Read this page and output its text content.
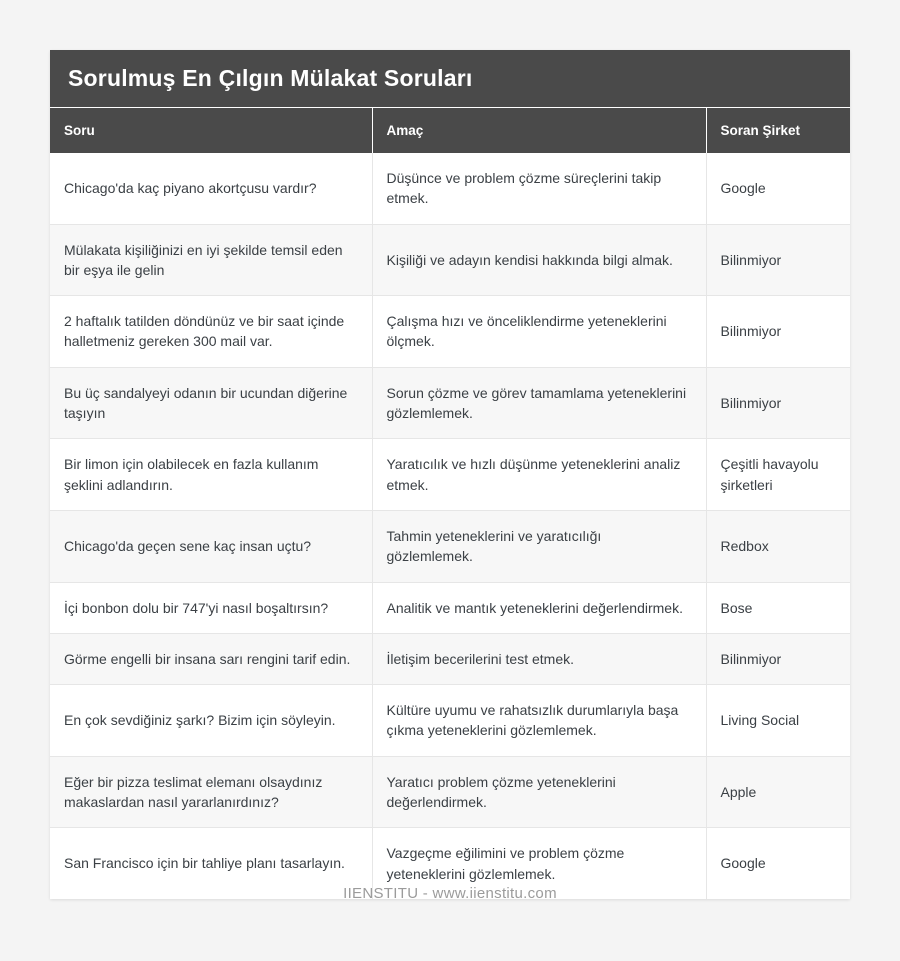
Sorulmuş En Çılgın Mülakat Soruları
Soru	Amaç	Soran Şirket
Chicago'da kaç piyano akortçusu vardır?	Düşünce ve problem çözme süreçlerini takip etmek.	Google
Mülakata kişiliğinizi en iyi şekilde temsil eden bir eşya ile gelin	Kişiliği ve adayın kendisi hakkında bilgi almak.	Bilinmiyor
2 haftalık tatilden döndünüz ve bir saat içinde halletmeniz gereken 300 mail var.	Çalışma hızı ve önceliklendirme yeteneklerini ölçmek.	Bilinmiyor
Bu üç sandalyeyi odanın bir ucundan diğerine taşıyın	Sorun çözme ve görev tamamlama yeteneklerini gözlemlemek.	Bilinmiyor
Bir limon için olabilecek en fazla kullanım şeklini adlandırın.	Yaratıcılık ve hızlı düşünme yeteneklerini analiz etmek.	Çeşitli havayolu şirketleri
Chicago'da geçen sene kaç insan uçtu?	Tahmin yeteneklerini ve yaratıcılığı gözlemlemek.	Redbox
İçi bonbon dolu bir 747'yi nasıl boşaltırsın?	Analitik ve mantık yeteneklerini değerlendirmek.	Bose
Görme engelli bir insana sarı rengini tarif edin.	İletişim becerilerini test etmek.	Bilinmiyor
En çok sevdiğiniz şarkı? Bizim için söyleyin.	Kültüre uyumu ve rahatsızlık durumlarıyla başa çıkma yeteneklerini gözlemlemek.	Living Social
Eğer bir pizza teslimat elemanı olsaydınız makaslardan nasıl yararlanırdınız?	Yaratıcı problem çözme yeteneklerini değerlendirmek.	Apple
San Francisco için bir tahliye planı tasarlayın.	Vazgeçme eğilimini ve problem çözme yeteneklerini gözlemlemek.	Google
IIENSTITU - www.iienstitu.com
